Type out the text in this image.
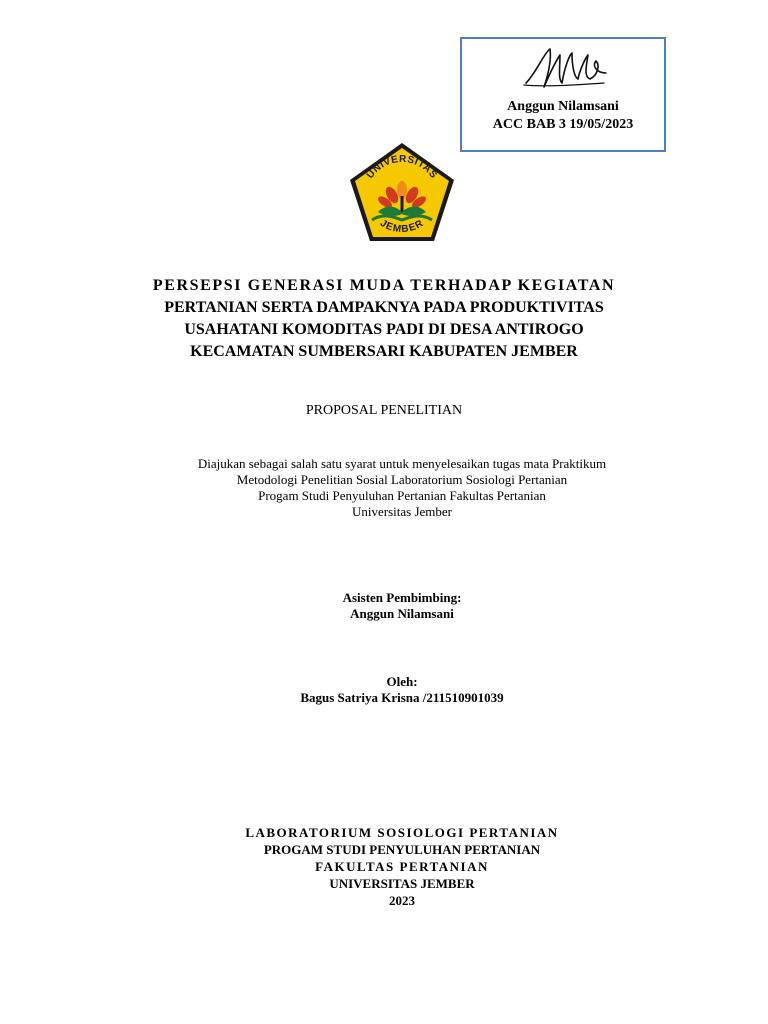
Anggun Nilamsani
ACC BAB 3 19/05/2023
UNIVERSITAS
JEMBER
PERSEPSI GENERASI MUDA TERHADAP KEGIATAN
PERTANIAN SERTA DAMPAKNYA PADA PRODUKTIVITAS
USAHATANI KOMODITAS PADI DI DESA ANTIROGO
KECAMATAN SUMBERSARI KABUPATEN JEMBER
PROPOSAL PENELITIAN
Diajukan sebagai salah satu syarat untuk menyelesaikan tugas mata Praktikum
Metodologi Penelitian Sosial Laboratorium Sosiologi Pertanian
Progam Studi Penyuluhan Pertanian Fakultas Pertanian
Universitas Jember
Asisten Pembimbing:
Anggun Nilamsani
Oleh:
Bagus Satriya Krisna /211510901039
LABORATORIUM SOSIOLOGI PERTANIAN
PROGAM STUDI PENYULUHAN PERTANIAN
FAKULTAS PERTANIAN
UNIVERSITAS JEMBER
2023
